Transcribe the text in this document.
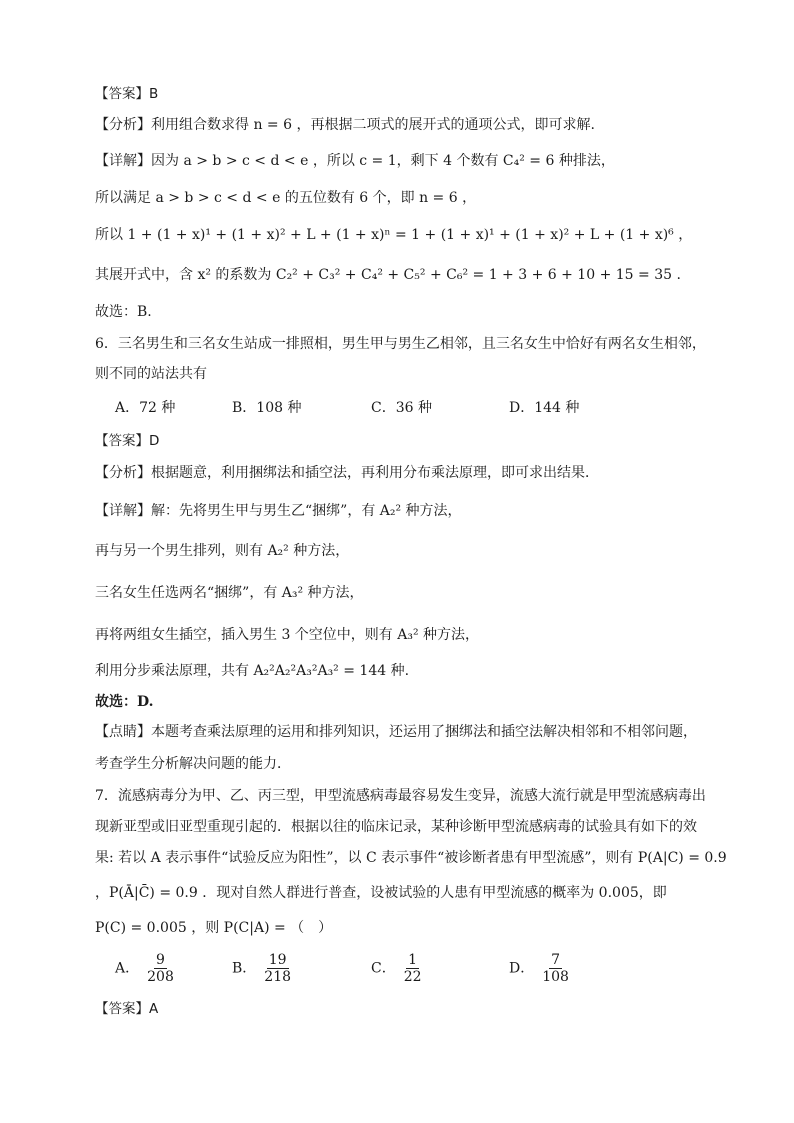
【答案】B
【分析】利用组合数求得 n = 6 ，再根据二项式的展开式的通项公式，即可求解.
【详解】因为 a > b > c < d < e ，所以 c = 1，剩下 4 个数有 C₄² = 6 种排法，
所以满足 a > b > c < d < e 的五位数有 6 个，即 n = 6 ，
所以 1 + (1 + x)¹ + (1 + x)² + L + (1 + x)ⁿ = 1 + (1 + x)¹ + (1 + x)² + L + (1 + x)⁶ ，
其展开式中，含 x² 的系数为 C₂² + C₃² + C₄² + C₅² + C₆² = 1 + 3 + 6 + 10 + 15 = 35 .
故选：B.
6．三名男生和三名女生站成一排照相，男生甲与男生乙相邻，且三名女生中恰好有两名女生相邻，
则不同的站法共有
A．72 种	B．108 种	C．36 种	D．144 种
【答案】D
【分析】根据题意，利用捆绑法和插空法，再利用分布乘法原理，即可求出结果．
【详解】解：先将男生甲与男生乙“捆绑”，有 A₂² 种方法，
再与另一个男生排列，则有 A₂² 种方法，
三名女生任选两名“捆绑”，有 A₃² 种方法，
再将两组女生插空，插入男生 3 个空位中，则有 A₃² 种方法，
利用分步乘法原理，共有 A₂²A₂²A₃²A₃² = 144 种.
故选：D.
【点睛】本题考查乘法原理的运用和排列知识，还运用了捆绑法和插空法解决相邻和不相邻问题，
考查学生分析解决问题的能力．
7．流感病毒分为甲、乙、丙三型，甲型流感病毒最容易发生变异，流感大流行就是甲型流感病毒出
现新亚型或旧亚型重现引起的．根据以往的临床记录，某种诊断甲型流感病毒的试验具有如下的效
果: 若以 A 表示事件“试验反应为阳性”，以 C 表示事件“被诊断者患有甲型流感”，则有 P(A|C) = 0.9
，P(Ā|C̄) = 0.9 ．现对自然人群进行普查，设被试验的人患有甲型流感的概率为 0.005，即
P(C) = 0.005 ，则 P(C|A) = （　）
A． $\frac{9}{208}$	B． $\frac{19}{218}$	C． $\frac{1}{22}$	D． $\frac{7}{108}$
【答案】A
